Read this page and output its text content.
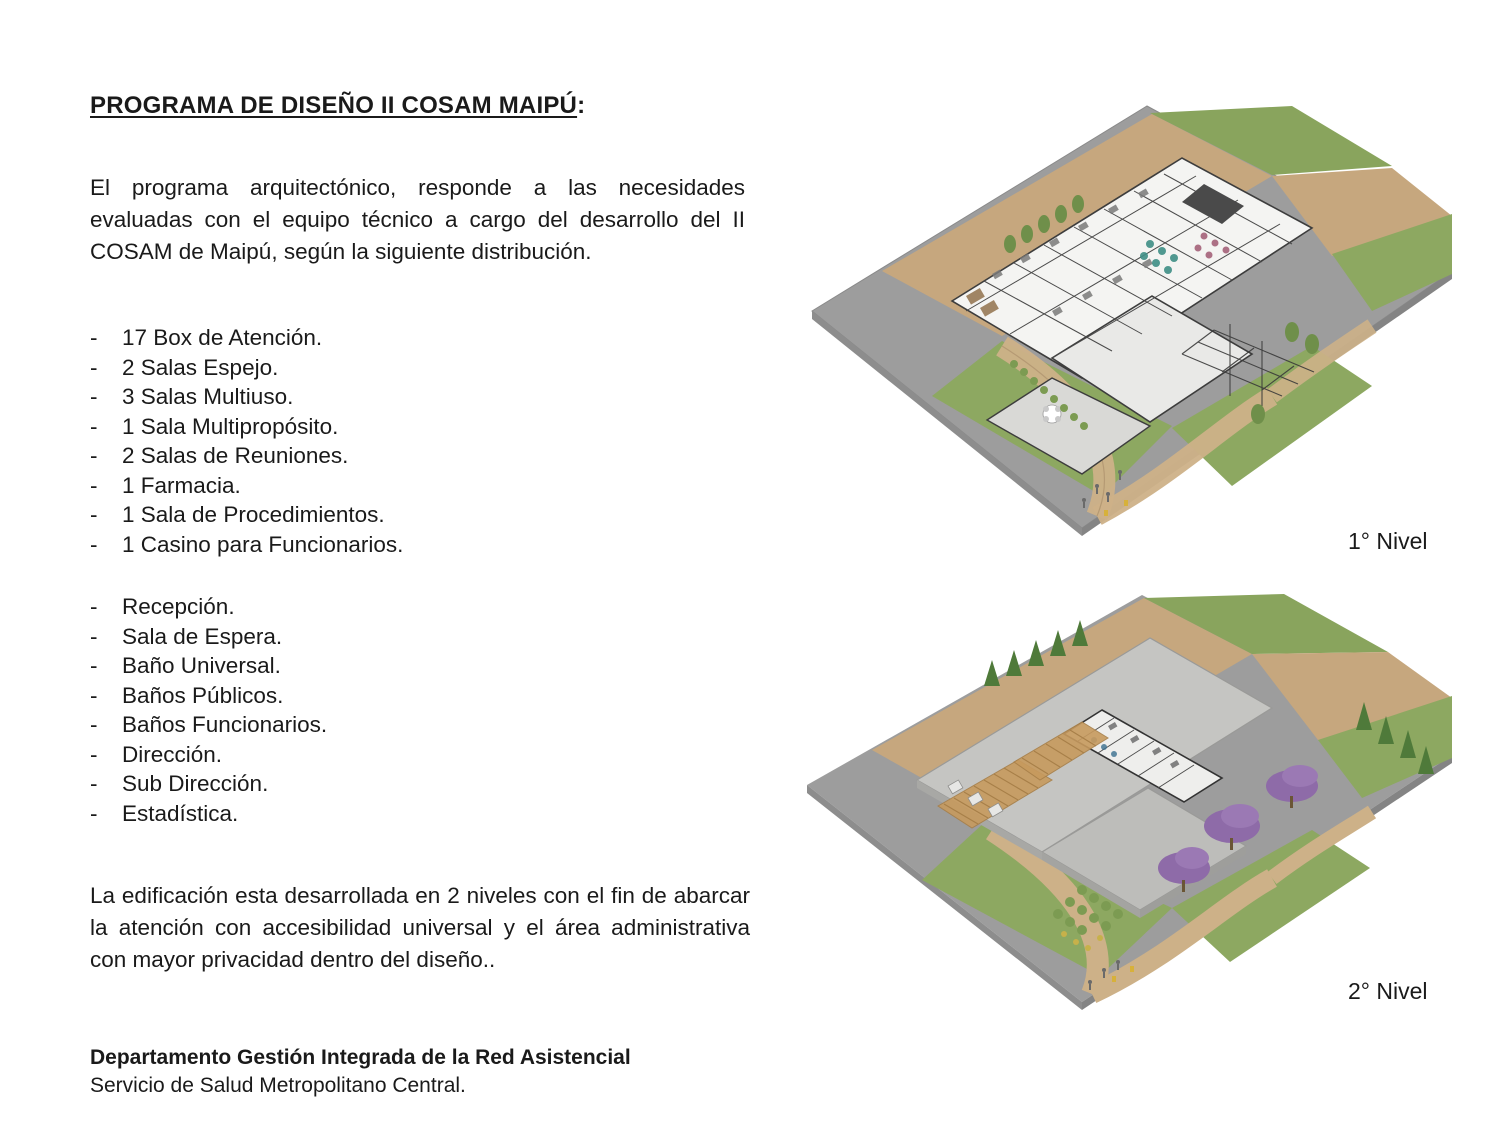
PROGRAMA DE DISEÑO II COSAM MAIPÚ:

El programa arquitectónico, responde a las necesidades evaluadas con el equipo técnico a cargo del desarrollo del II COSAM de Maipú, según la siguiente distribución.

-	17 Box de Atención.
-	2 Salas Espejo.
-	3 Salas Multiuso.
-	1 Sala Multipropósito.
-	2 Salas de Reuniones.
-	1 Farmacia.
-	1 Sala de Procedimientos.
-	1 Casino para Funcionarios.
-	Recepción.
-	Sala de Espera.
-	Baño Universal.
-	Baños Públicos.
-	Baños Funcionarios.
-	Dirección.
-	Sub Dirección.
-	Estadística.

La edificación esta desarrollada en 2 niveles con el fin de abarcar la atención con accesibilidad universal y el área administrativa con mayor privacidad dentro del diseño..

Departamento Gestión Integrada de la Red Asistencial

Servicio de Salud Metropolitano Central.

1° Nivel
2° Nivel
